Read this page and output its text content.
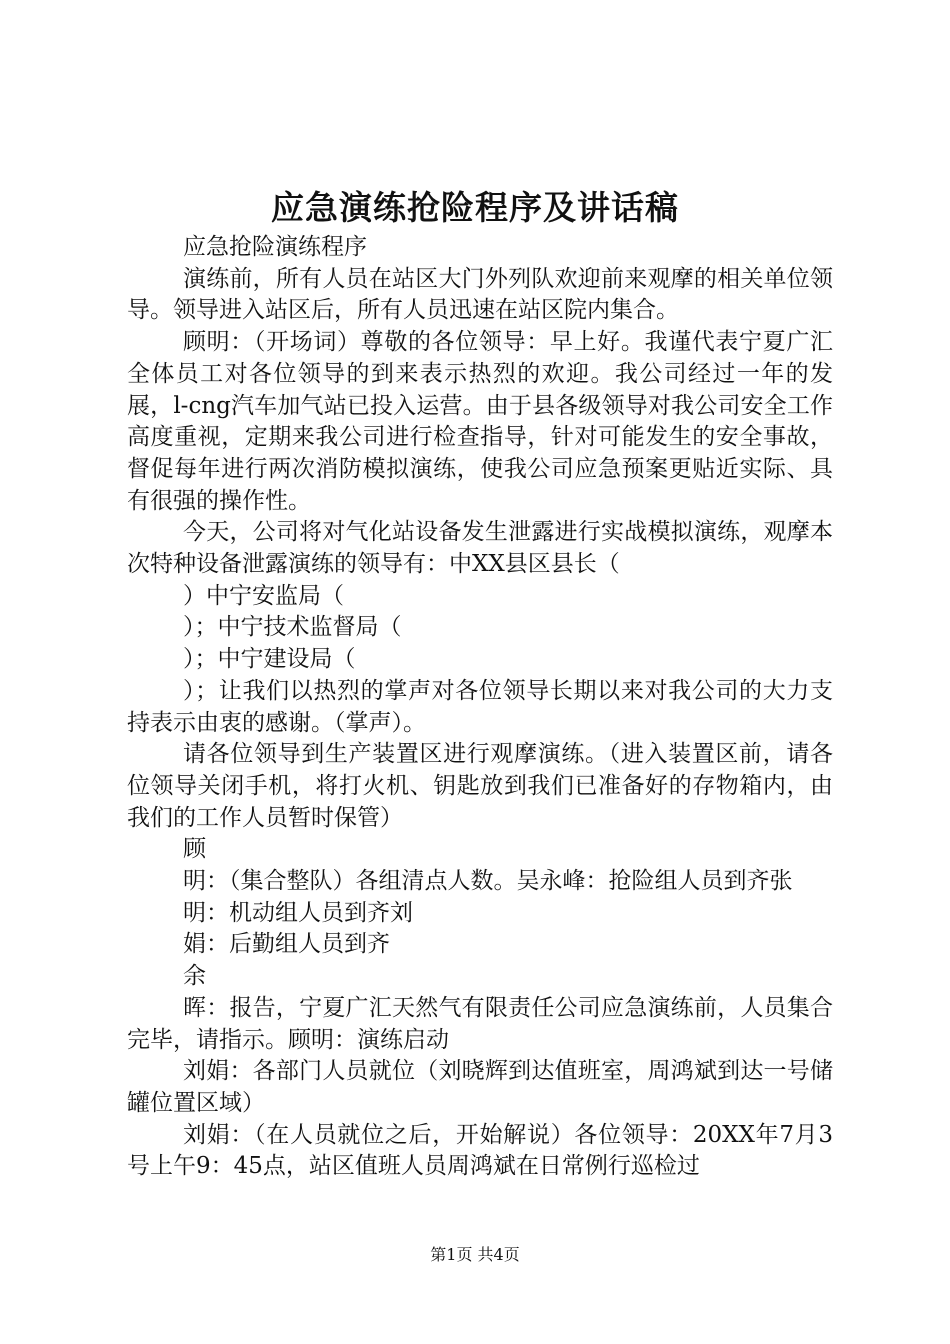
应急演练抢险程序及讲话稿

应急抢险演练程序

演练前，所有人员在站区大门外列队欢迎前来观摩的相关单位领导。领导进入站区后，所有人员迅速在站区院内集合。

顾明：（开场词）尊敬的各位领导：早上好。我谨代表宁夏广汇全体员工对各位领导的到来表示热烈的欢迎。我公司经过一年的发展，l-cng汽车加气站已投入运营。由于县各级领导对我公司安全工作高度重视，定期来我公司进行检查指导，针对可能发生的安全事故，督促每年进行两次消防模拟演练，使我公司应急预案更贴近实际、具有很强的操作性。

今天，公司将对气化站设备发生泄露进行实战模拟演练，观摩本次特种设备泄露演练的领导有：中XX县区县长（

）中宁安监局（

）；中宁技术监督局（

）；中宁建设局（

）；让我们以热烈的掌声对各位领导长期以来对我公司的大力支持表示由衷的感谢。（掌声）。

请各位领导到生产装置区进行观摩演练。（进入装置区前，请各位领导关闭手机，将打火机、钥匙放到我们已准备好的存物箱内，由我们的工作人员暂时保管）

顾

明：（集合整队）各组清点人数。吴永峰：抢险组人员到齐张

明：机动组人员到齐刘

娟：后勤组人员到齐

余

晖：报告，宁夏广汇天然气有限责任公司应急演练前，人员集合完毕，请指示。顾明：演练启动

刘娟：各部门人员就位（刘晓辉到达值班室，周鸿斌到达一号储罐位置区域）

刘娟：（在人员就位之后，开始解说）各位领导：20XX年7月3号上午9：45点，站区值班人员周鸿斌在日常例行巡检过

第1页 共4页
